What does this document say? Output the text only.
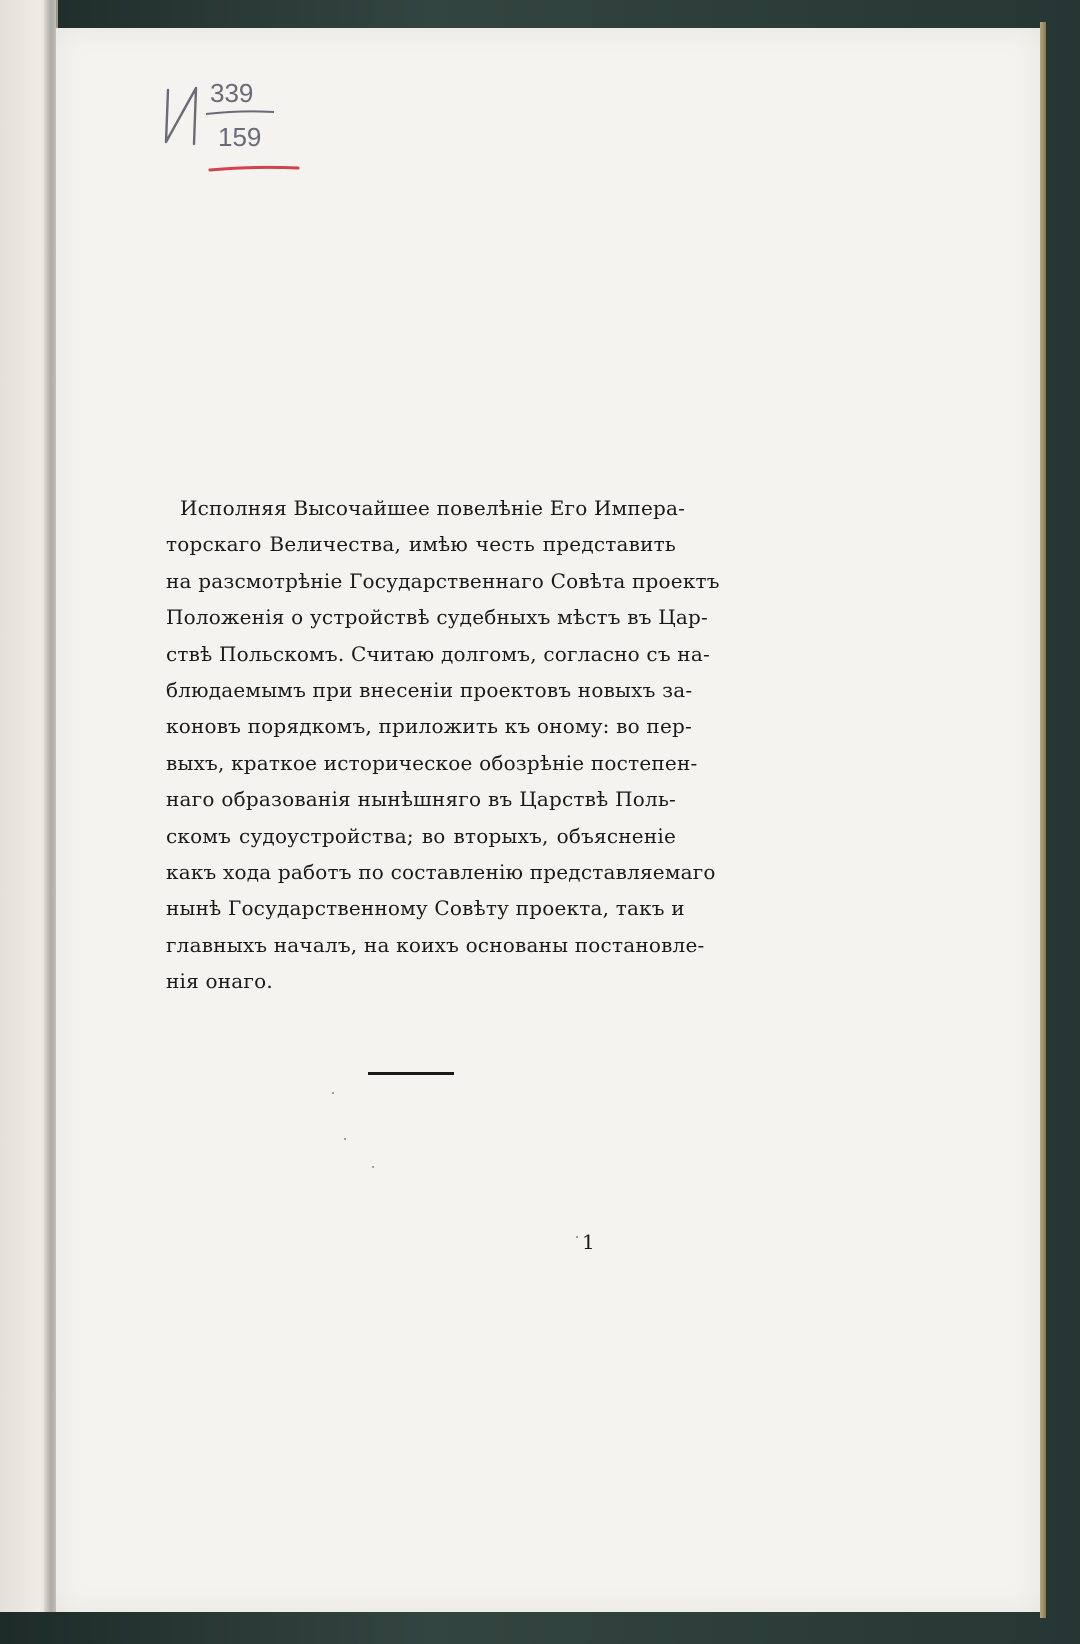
339
159
Исполняя Высочайшее повелѣніе Его Импера-
торскаго Величества, имѣю честь представить
на разсмотрѣніе Государственнаго Совѣта проектъ
Положенія о устройствѣ судебныхъ мѣстъ въ Цар-
ствѣ Польскомъ. Считаю долгомъ, согласно съ на-
блюдаемымъ при внесеніи проектовъ новыхъ за-
коновъ порядкомъ, приложить къ оному: во пер-
выхъ, краткое историческое обозрѣніе постепен-
наго образованія нынѣшняго въ Царствѣ Поль-
скомъ судоустройства; во вторыхъ, объясненіе
какъ хода работъ по составленію представляемаго
нынѣ Государственному Совѣту проекта, такъ и
главныхъ началъ, на коихъ основаны постановле-
нія онаго.
1
